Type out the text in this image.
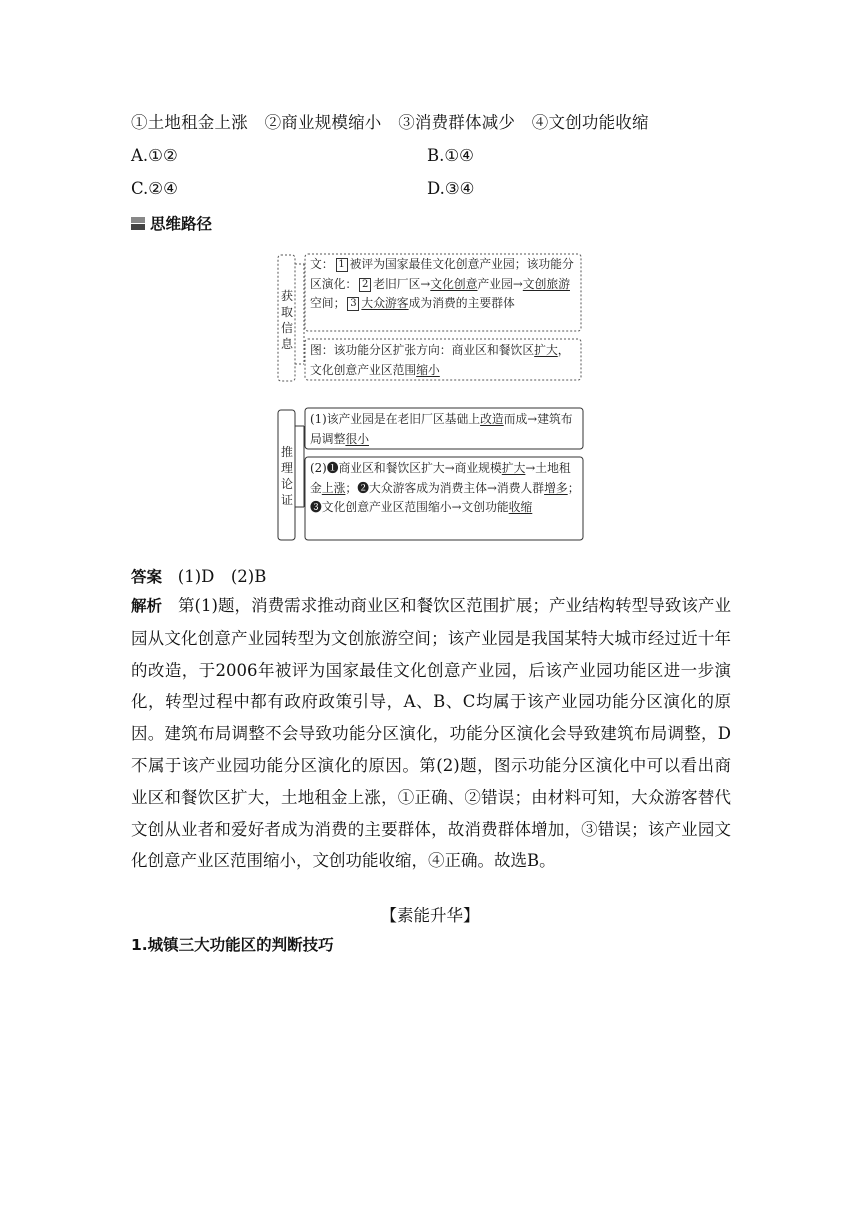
①土地租金上涨　②商业规模缩小　③消费群体减少　④文创功能收缩
A.①②	B.①④
C.②④	D.③④
思维路径
获
取
信
息
文： 1 被评为国家最佳文化创意产业园；该功能分区演化： 2 老旧厂区→文化创意产业园→文创旅游空间； 3 大众游客成为消费的主要群体
图：该功能分区扩张方向：商业区和餐饮区扩大，文化创意产业区范围缩小
推
理
论
证
(1)该产业园是在老旧厂区基础上改造而成→建筑布局调整很小
(2)❶商业区和餐饮区扩大→商业规模扩大→土地租金上涨；❷大众游客成为消费主体→消费人群增多；❸文化创意产业区范围缩小→文创功能收缩
答案 (1)D　(2)B
解析 第(1)题，消费需求推动商业区和餐饮区范围扩展；产业结构转型导致该产业园从文化创意产业园转型为文创旅游空间；该产业园是我国某特大城市经过近十年的改造，于2006年被评为国家最佳文化创意产业园，后该产业园功能区进一步演化，转型过程中都有政府政策引导，A、B、C均属于该产业园功能分区演化的原因。建筑布局调整不会导致功能分区演化，功能分区演化会导致建筑布局调整，D不属于该产业园功能分区演化的原因。第(2)题，图示功能分区演化中可以看出商业区和餐饮区扩大，土地租金上涨，①正确、②错误；由材料可知，大众游客替代文创从业者和爱好者成为消费的主要群体，故消费群体增加，③错误；该产业园文化创意产业区范围缩小，文创功能收缩，④正确。故选B。
【素能升华】
1.城镇三大功能区的判断技巧
